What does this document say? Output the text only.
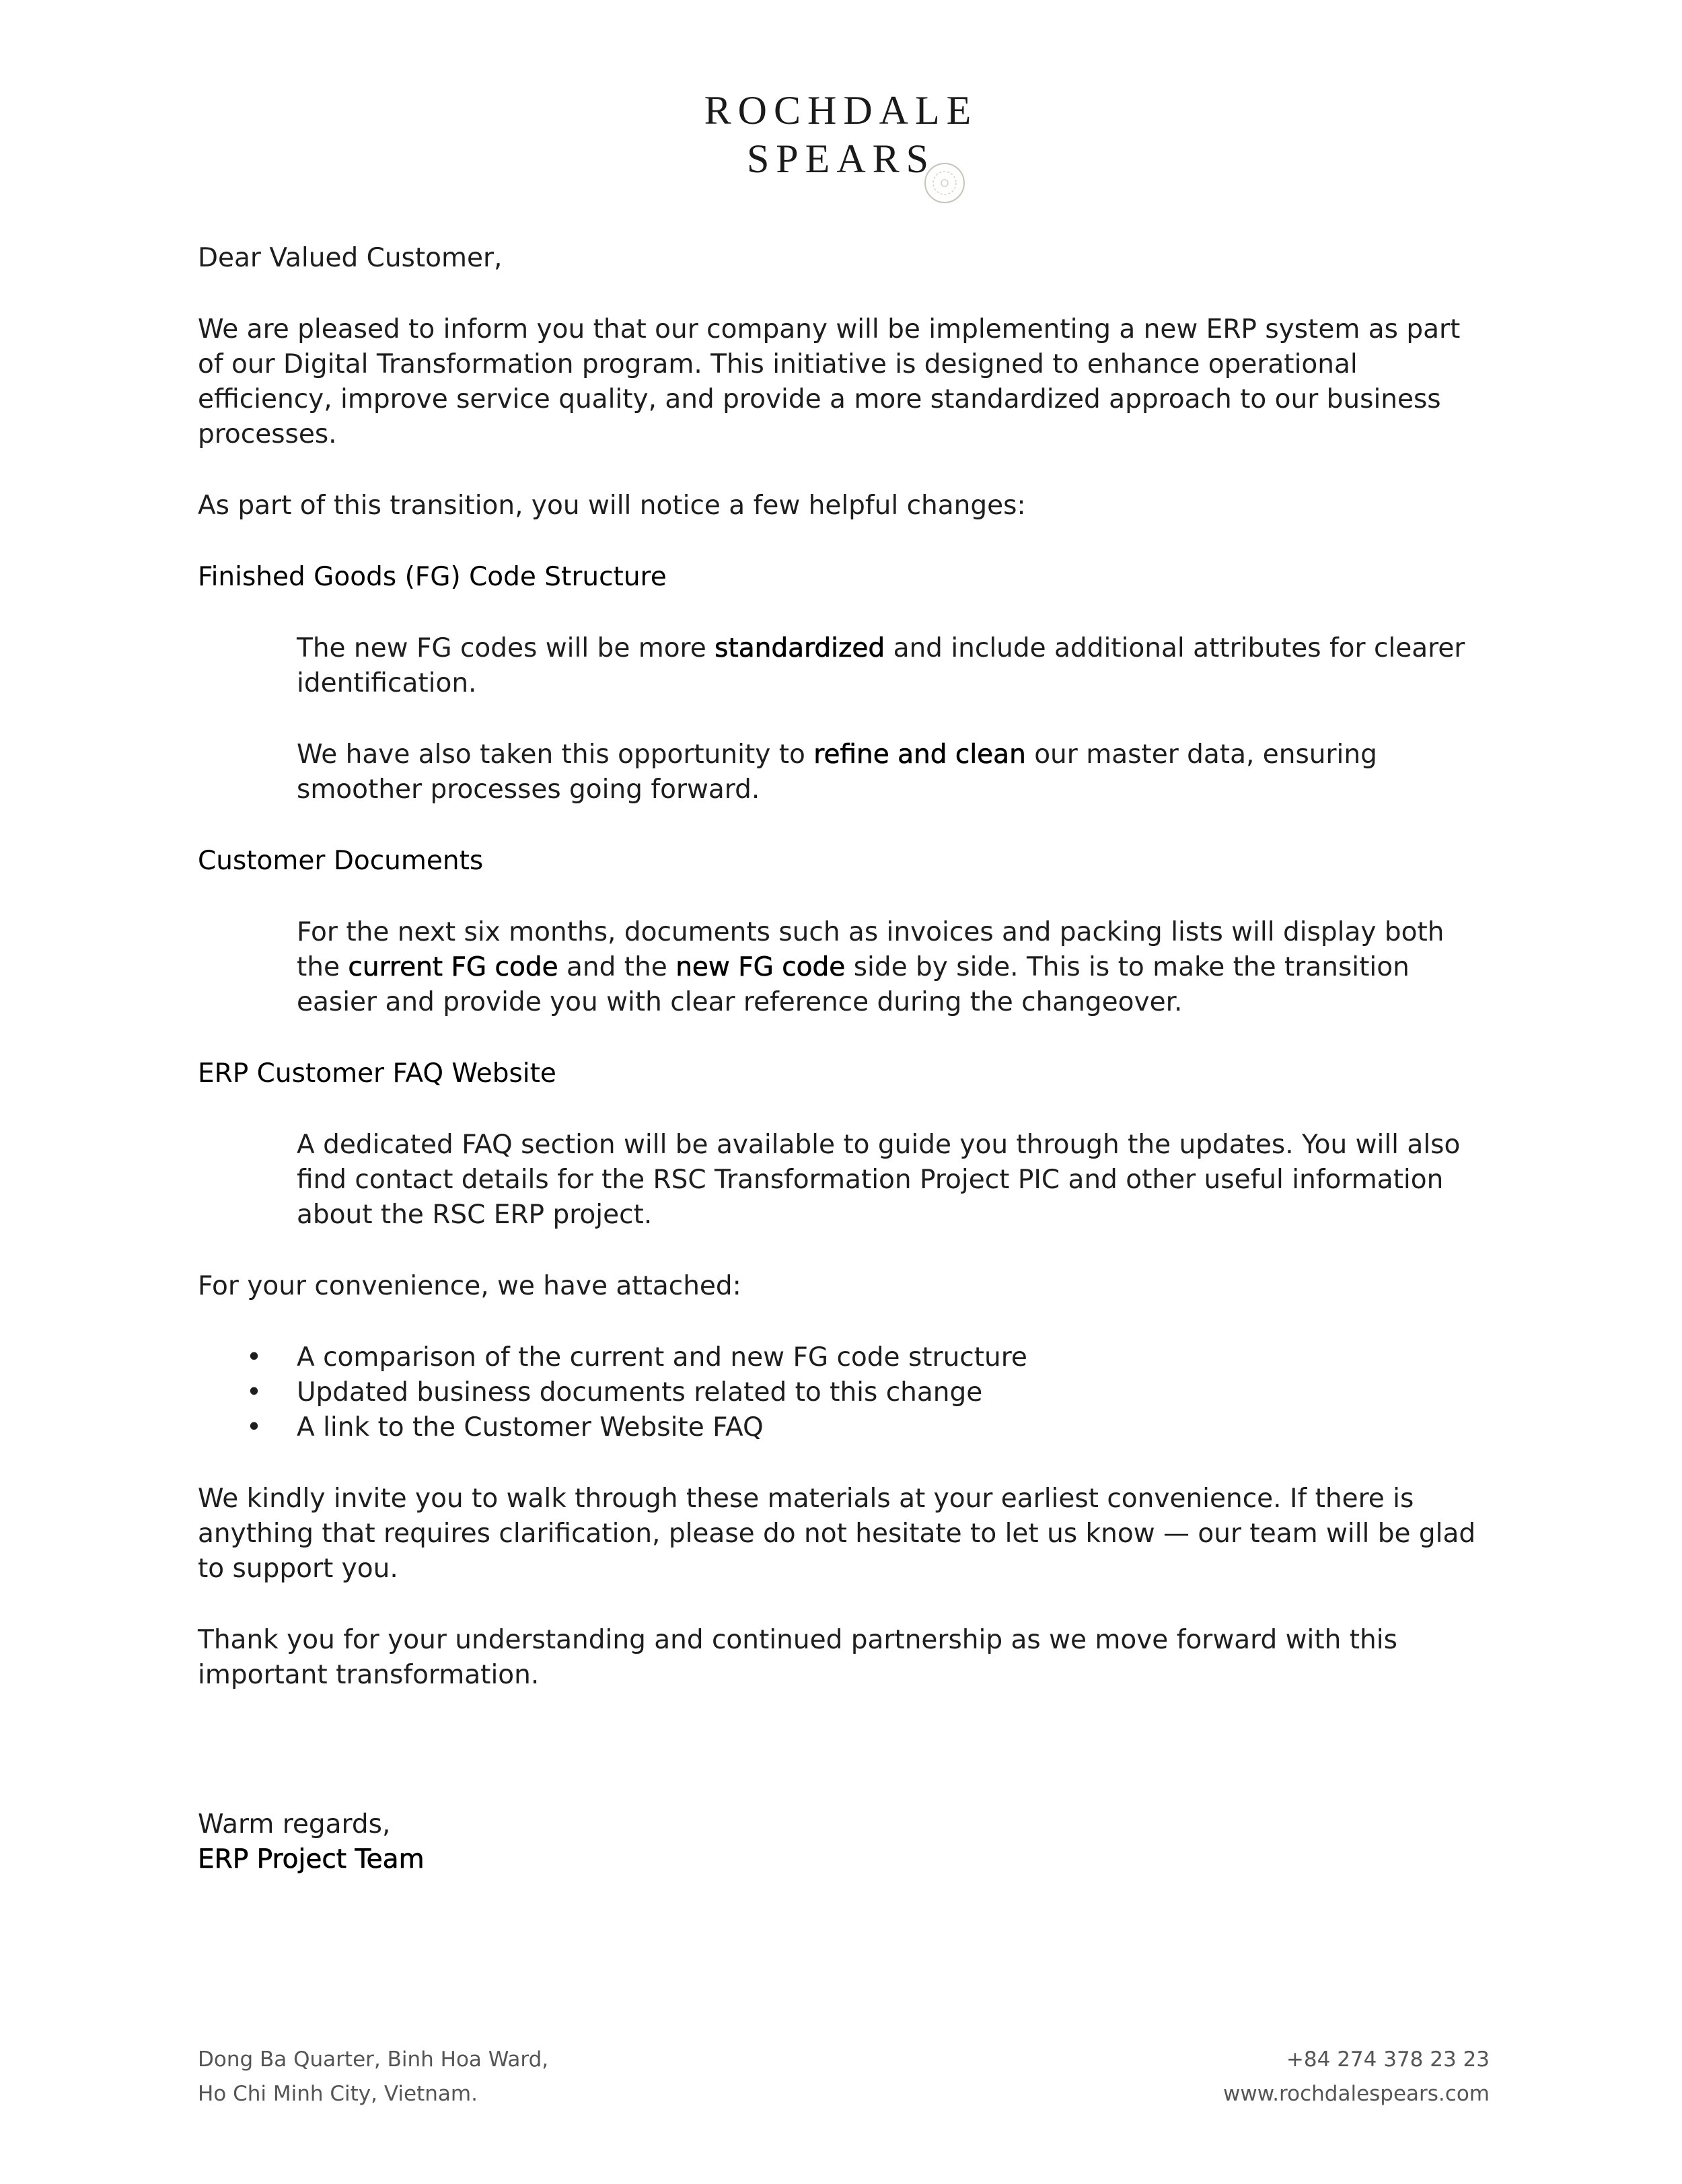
ROCHDALE
SPEARS

Dear Valued Customer,

We are pleased to inform you that our company will be implementing a new ERP system as part of our Digital Transformation program. This initiative is designed to enhance operational efficiency, improve service quality, and provide a more standardized approach to our business processes.

As part of this transition, you will notice a few helpful changes:

Finished Goods (FG) Code Structure

The new FG codes will be more standardized and include additional attributes for clearer identification.

We have also taken this opportunity to refine and clean our master data, ensuring smoother processes going forward.

Customer Documents

For the next six months, documents such as invoices and packing lists will display both the current FG code and the new FG code side by side. This is to make the transition easier and provide you with clear reference during the changeover.

ERP Customer FAQ Website

A dedicated FAQ section will be available to guide you through the updates. You will also find contact details for the RSC Transformation Project PIC and other useful information about the RSC ERP project.

For your convenience, we have attached:

• A comparison of the current and new FG code structure
• Updated business documents related to this change
• A link to the Customer Website FAQ

We kindly invite you to walk through these materials at your earliest convenience. If there is anything that requires clarification, please do not hesitate to let us know — our team will be glad to support you.

Thank you for your understanding and continued partnership as we move forward with this important transformation.

Warm regards,
ERP Project Team
Dong Ba Quarter, Binh Hoa Ward,
Ho Chi Minh City, Vietnam.
+84 274 378 23 23
www.rochdalespears.com
